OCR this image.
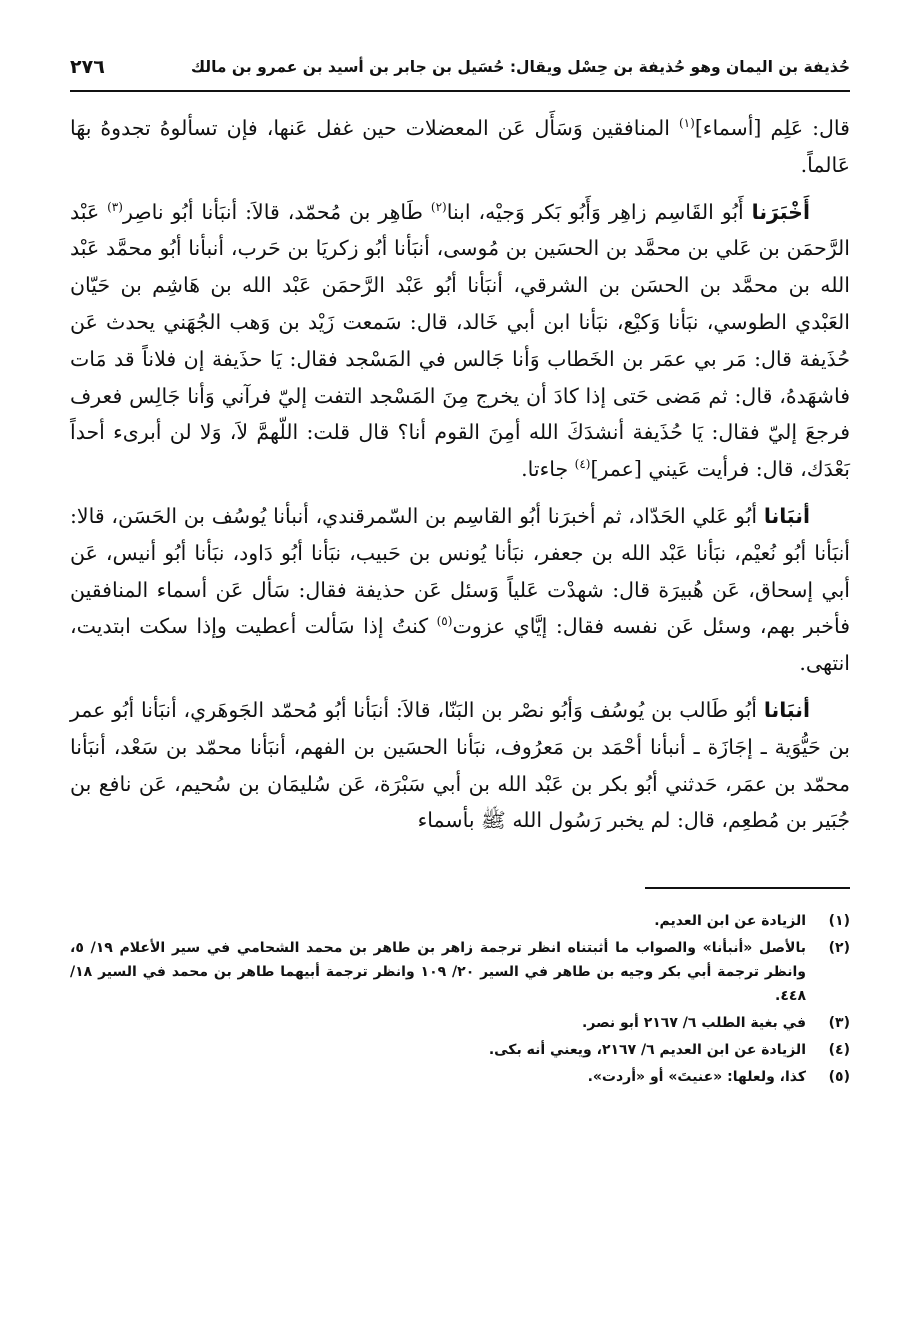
حُذيفة بن اليمان وهو حُذيفة بن حِسْل ويقال: حُسَيل بن جابر بن أسيد بن عمرو بن مالك
٢٧٦

قال: عَلِم [أسماء]$^{(١)}$ المنافقين وَسَأَل عَن المعضلات حين غفل عَنها، فإن تسألوهُ تجدوهُ بهَا عَالماً.

أَخْبَرَنا أَبُو القَاسِم زاهِر وَأَبُو بَكر وَجيْه، ابنا$^{(٢)}$ طَاهِر بن مُحمّد، قالاَ: أنبَأنا أبُو ناصِر$^{(٣)}$ عَبْد الرَّحمَن بن عَلي بن محمَّد بن الحسَين بن مُوسى، أنبَأنا أبُو زكريَا بن حَرب، أنبأنا أبُو محمَّد عَبْد الله بن محمَّد بن الحسَن بن الشرقي، أنبَأنا أبُو عَبْد الرَّحمَن عَبْد الله بن هَاشِم بن حَيّان العَبْدي الطوسي، نبَأنا وَكيْع، نبَأنا ابن أبي خَالد، قال: سَمعت زَيْد بن وَهب الجُهَني يحدث عَن حُذَيفة قال: مَر بي عمَر بن الخَطاب وَأنا جَالس في المَسْجد فقال: يَا حذَيفة إن فلاناً قد مَات فاشهَدهُ، قال: ثم مَضى حَتى إذا كادَ أن يخرج مِنَ المَسْجد التفت إليّ فرآني وَأنا جَالِس فعرف فرجعَ إليّ فقال: يَا حُذَيفة أنشدَكَ الله أمِنَ القوم أنا؟ قال قلت: اللّهمَّ لاَ، وَلا لن أبرىء أحداً بَعْدَك، قال: فرأيت عَيني [عمر]$^{(٤)}$ جاءتا.

أنبَانا أبُو عَلي الحَدّاد، ثم أخبرَنا أبُو القاسِم بن السّمرقندي، أنبأنا يُوسُف بن الحَسَن، قالا: أنبَأنا أبُو نُعيْم، نبَأنا عَبْد الله بن جعفر، نبَأنا يُونس بن حَبيب، نبَأنا أبُو دَاود، نبَأنا أبُو أنيس، عَن أبي إسحاق، عَن هُبيرَة قال: شهدْت عَلياً وَسئل عَن حذيفة فقال: سَأل عَن أسماء المنافقين فأخبر بهم، وسئل عَن نفسه فقال: إيَّاي عزوت$^{(٥)}$ كنتُ إذا سَألت أعطيت وإذا سكت ابتديت، انتهى.

أنبَانا أبُو طَالب بن يُوسُف وَأبُو نصْر بن البَنّا، قالاَ: أنبَأنا أبُو مُحمّد الجَوهَري، أنبَأنا أبُو عمر بن حَيُّوَية ـ إجَازَة ـ أنبأنا أحْمَد بن مَعرُوف، نبَأنا الحسَين بن الفهم، أنبَأنا محمّد بن سَعْد، أنبَأنا محمّد بن عمَر، حَدثني أبُو بكر بن عَبْد الله بن أبي سَبْرَة، عَن سُليمَان بن سُحيم، عَن نافع بن جُبَير بن مُطعِم، قال: لم يخبر رَسُول الله ﷺ بأسماء

(١)
الزيادة عن ابن العديم.
(٢)
بالأصل «أنبأنا» والصواب ما أثبتناه انظر ترجمة زاهر بن طاهر بن محمد الشحامي في سير الأعلام ١٩/ ٥، وانظر ترجمة أبي بكر وجيه بن طاهر في السير ٢٠/ ١٠٩ وانظر ترجمة أبيهما طاهر بن محمد في السير ١٨/ ٤٤٨.
(٣)
في بغية الطلب ٦/ ٢١٦٧ أبو نصر.
(٤)
الزيادة عن ابن العديم ٦/ ٢١٦٧، ويعني أنه بكى.
(٥)
كذا، ولعلها: «عنيتَ» أو «أردت».
